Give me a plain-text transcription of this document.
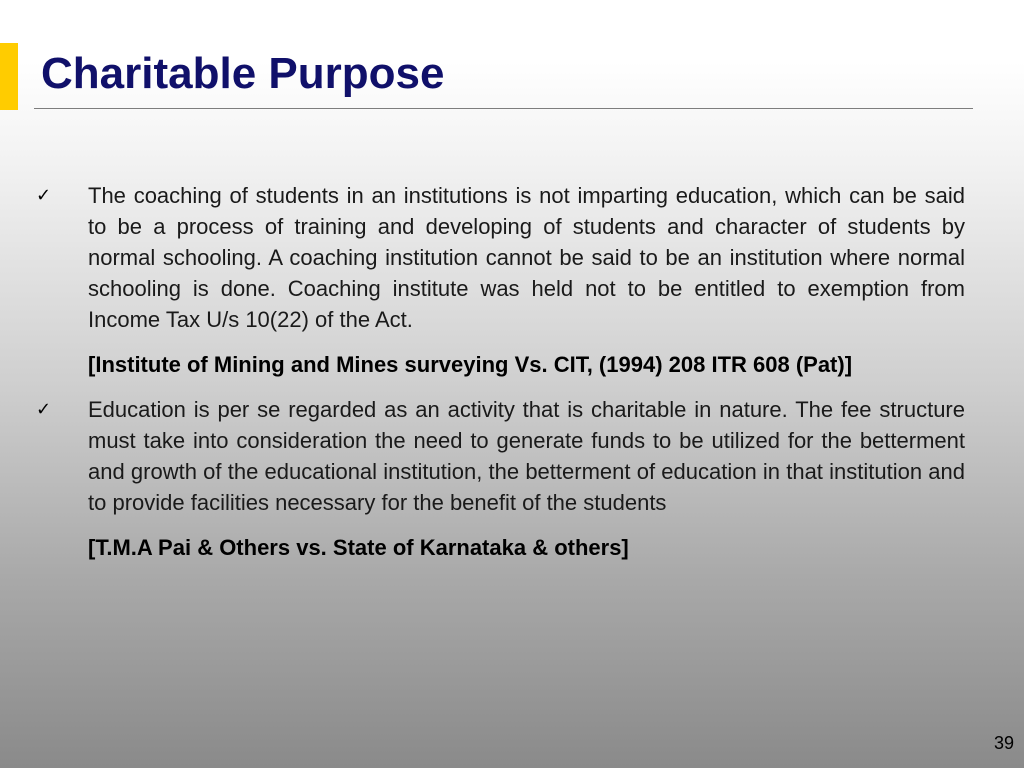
Charitable Purpose
✓ The coaching of students in an institutions is not imparting education, which can be said to be a process of training and developing of students and character of students by normal schooling. A coaching institution cannot be said to be an institution where normal schooling is done. Coaching institute was held not to be entitled to exemption from Income Tax U/s 10(22) of the Act.

[Institute of Mining and Mines surveying Vs. CIT, (1994) 208 ITR 608 (Pat)]

✓ Education is per se regarded as an activity that is charitable in nature. The fee structure must take into consideration the need to generate funds to be utilized for the betterment and growth of the educational institution, the betterment of education in that institution and to provide facilities necessary for the benefit of the students

[T.M.A Pai & Others vs. State of Karnataka & others]

39
